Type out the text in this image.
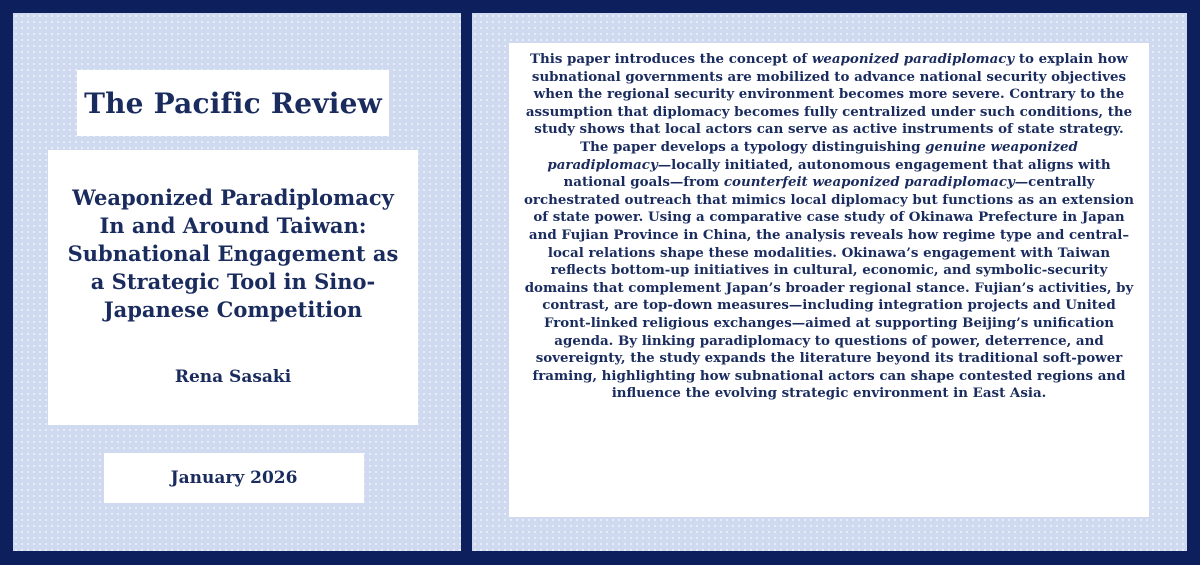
The Pacific Review
Weaponized Paradiplomacy In and Around Taiwan: Subnational Engagement as a Strategic Tool in Sino-Japanese Competition
Rena Sasaki
January 2026

This paper introduces the concept of weaponized paradiplomacy to explain how subnational governments are mobilized to advance national security objectives when the regional security environment becomes more severe. Contrary to the assumption that diplomacy becomes fully centralized under such conditions, the study shows that local actors can serve as active instruments of state strategy. The paper develops a typology distinguishing genuine weaponized paradiplomacy—locally initiated, autonomous engagement that aligns with national goals—from counterfeit weaponized paradiplomacy—centrally orchestrated outreach that mimics local diplomacy but functions as an extension of state power. Using a comparative case study of Okinawa Prefecture in Japan and Fujian Province in China, the analysis reveals how regime type and central–local relations shape these modalities. Okinawa’s engagement with Taiwan reflects bottom-up initiatives in cultural, economic, and symbolic-security domains that complement Japan’s broader regional stance. Fujian’s activities, by contrast, are top-down measures—including integration projects and United Front-linked religious exchanges—aimed at supporting Beijing’s unification agenda. By linking paradiplomacy to questions of power, deterrence, and sovereignty, the study expands the literature beyond its traditional soft-power framing, highlighting how subnational actors can shape contested regions and influence the evolving strategic environment in East Asia.
